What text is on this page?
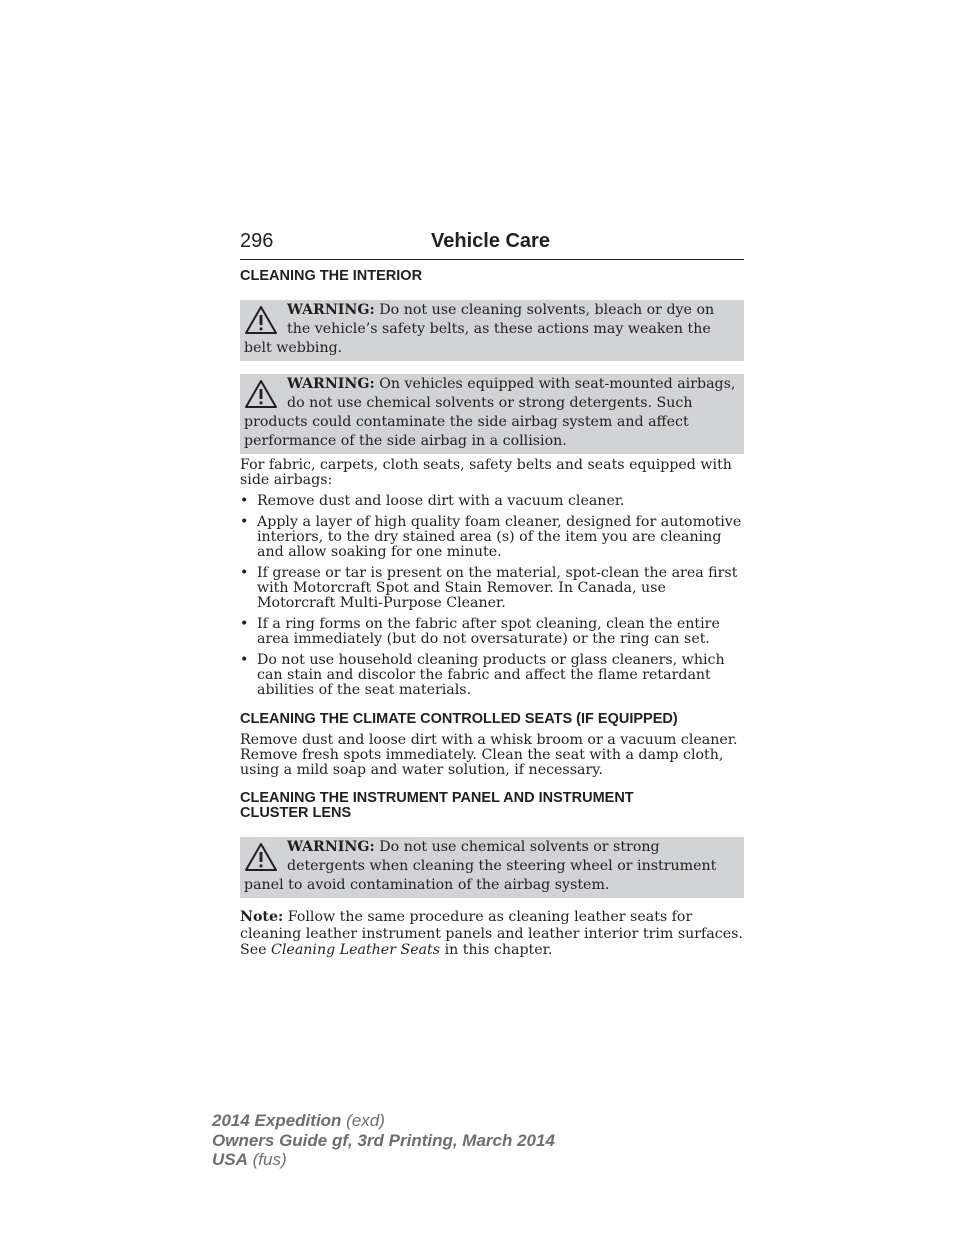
296	Vehicle Care
CLEANING THE INTERIOR
WARNING: Do not use cleaning solvents, bleach or dye on the vehicle’s safety belts, as these actions may weaken the belt webbing.
WARNING: On vehicles equipped with seat-mounted airbags, do not use chemical solvents or strong detergents. Such products could contaminate the side airbag system and affect performance of the side airbag in a collision.

For fabric, carpets, cloth seats, safety belts and seats equipped with side airbags:

• Remove dust and loose dirt with a vacuum cleaner.
• Apply a layer of high quality foam cleaner, designed for automotive interiors, to the dry stained area (s) of the item you are cleaning and allow soaking for one minute.
• If grease or tar is present on the material, spot-clean the area first with Motorcraft Spot and Stain Remover. In Canada, use Motorcraft Multi-Purpose Cleaner.
• If a ring forms on the fabric after spot cleaning, clean the entire area immediately (but do not oversaturate) or the ring can set.
• Do not use household cleaning products or glass cleaners, which can stain and discolor the fabric and affect the flame retardant abilities of the seat materials.
CLEANING THE CLIMATE CONTROLLED SEATS (IF EQUIPPED)

Remove dust and loose dirt with a whisk broom or a vacuum cleaner. Remove fresh spots immediately. Clean the seat with a damp cloth, using a mild soap and water solution, if necessary.

CLEANING THE INSTRUMENT PANEL AND INSTRUMENT
CLUSTER LENS
WARNING: Do not use chemical solvents or strong detergents when cleaning the steering wheel or instrument panel to avoid contamination of the airbag system.

Note: Follow the same procedure as cleaning leather seats for cleaning leather instrument panels and leather interior trim surfaces. See Cleaning Leather Seats in this chapter.

2014 Expedition (exd)
Owners Guide gf, 3rd Printing, March 2014
USA (fus)
